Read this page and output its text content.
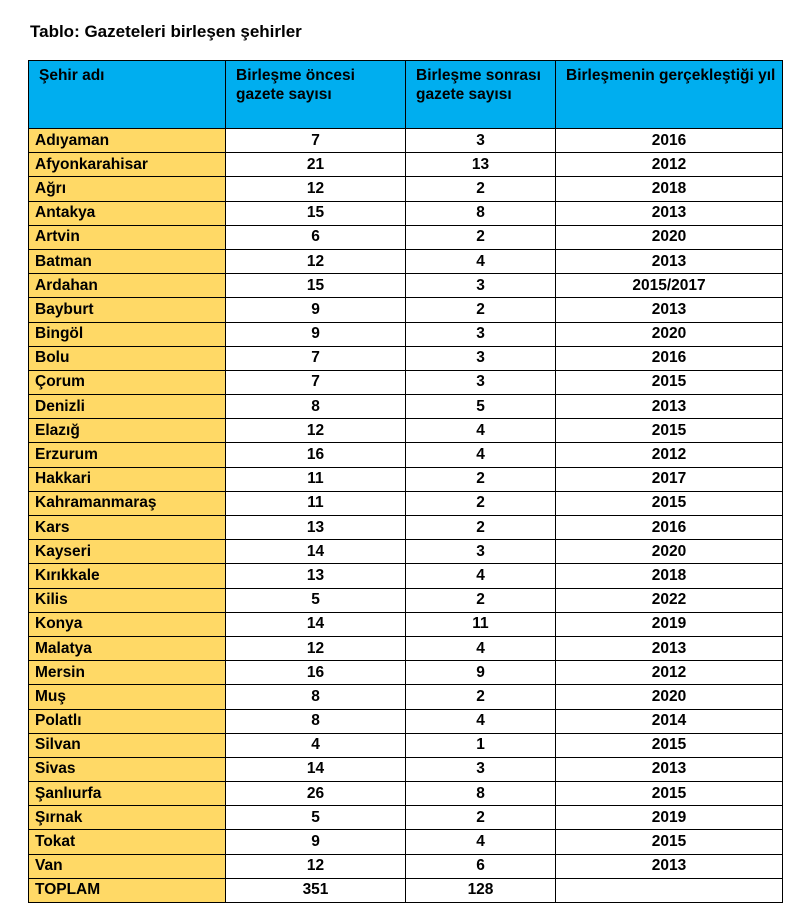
Tablo: Gazeteleri birleşen şehirler
Şehir adı	Birleşme öncesi gazete sayısı	Birleşme sonrası gazete sayısı	Birleşmenin gerçekleştiği yıl
Adıyaman	7	3	2016
Afyonkarahisar	21	13	2012
Ağrı	12	2	2018
Antakya	15	8	2013
Artvin	6	2	2020
Batman	12	4	2013
Ardahan	15	3	2015/2017
Bayburt	9	2	2013
Bingöl	9	3	2020
Bolu	7	3	2016
Çorum	7	3	2015
Denizli	8	5	2013
Elazığ	12	4	2015
Erzurum	16	4	2012
Hakkari	11	2	2017
Kahramanmaraş	11	2	2015
Kars	13	2	2016
Kayseri	14	3	2020
Kırıkkale	13	4	2018
Kilis	5	2	2022
Konya	14	11	2019
Malatya	12	4	2013
Mersin	16	9	2012
Muş	8	2	2020
Polatlı	8	4	2014
Silvan	4	1	2015
Sivas	14	3	2013
Şanlıurfa	26	8	2015
Şırnak	5	2	2019
Tokat	9	4	2015
Van	12	6	2013
TOPLAM	351	128	
